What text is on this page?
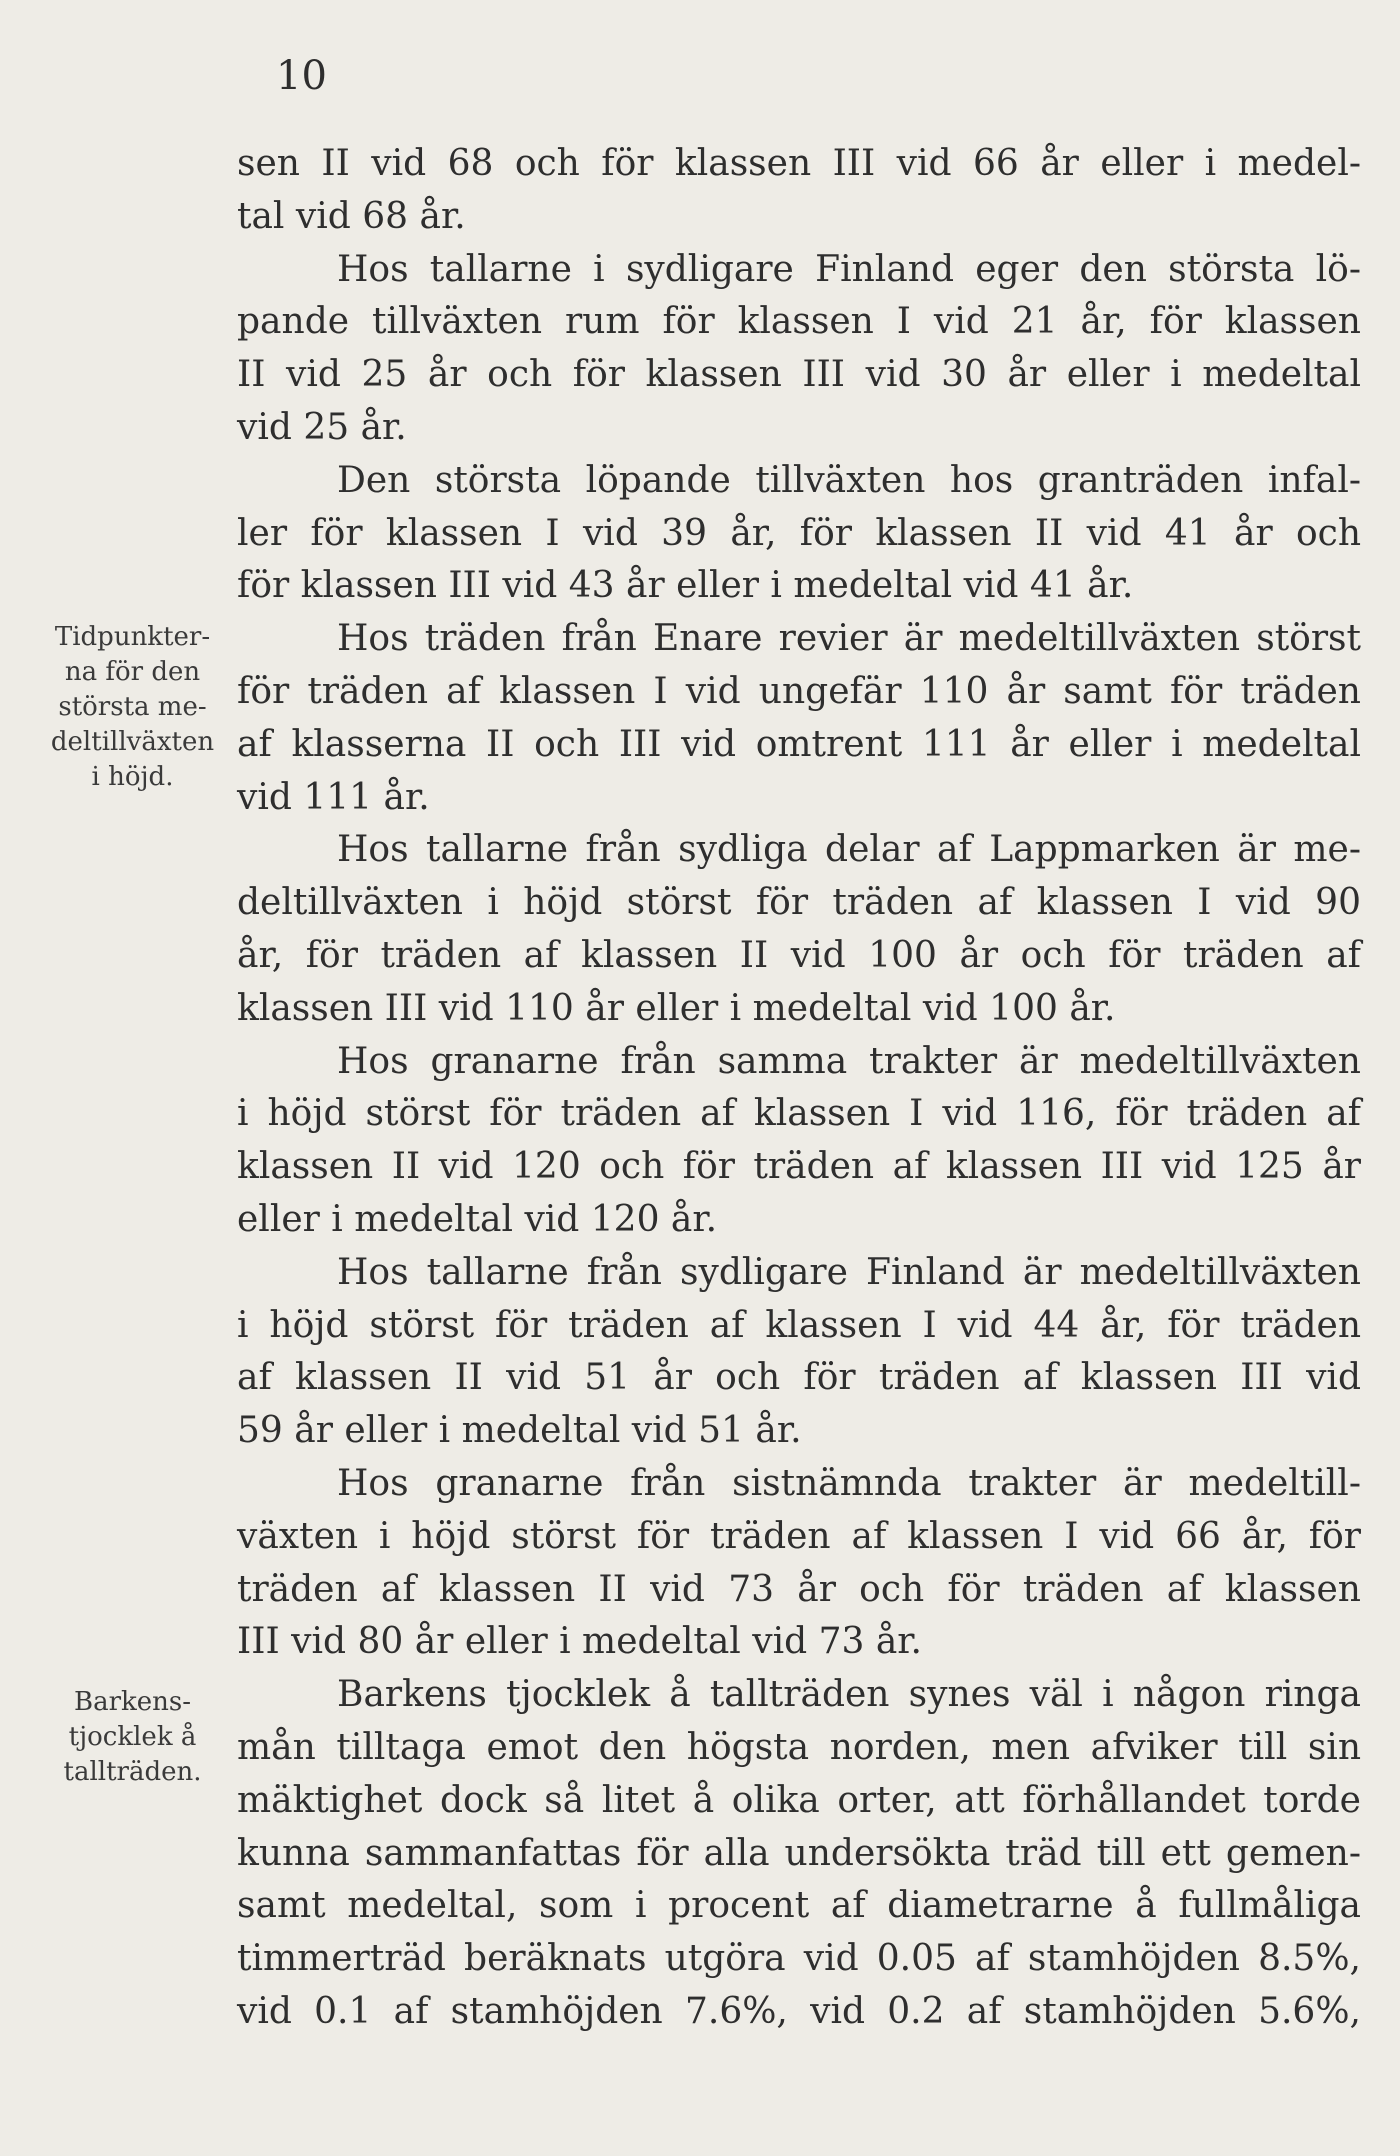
10
Tidpunkter-
na för den
största me-
deltillväxten
i höjd.
Barkens-
tjocklek å
tallträden.
sen II vid 68 och för klassen III vid 66 år eller i medel-
tal vid 68 år.
Hos tallarne i sydligare Finland eger den största lö-
pande tillväxten rum för klassen I vid 21 år, för klassen
II vid 25 år och för klassen III vid 30 år eller i medeltal
vid 25 år.
Den största löpande tillväxten hos granträden infal-
ler för klassen I vid 39 år, för klassen II vid 41 år och
för klassen III vid 43 år eller i medeltal vid 41 år.
Hos träden från Enare revier är medeltillväxten störst
för träden af klassen I vid ungefär 110 år samt för träden
af klasserna II och III vid omtrent 111 år eller i medeltal
vid 111 år.
Hos tallarne från sydliga delar af Lappmarken är me-
deltillväxten i höjd störst för träden af klassen I vid 90
år, för träden af klassen II vid 100 år och för träden af
klassen III vid 110 år eller i medeltal vid 100 år.
Hos granarne från samma trakter är medeltillväxten
i höjd störst för träden af klassen I vid 116, för träden af
klassen II vid 120 och för träden af klassen III vid 125 år
eller i medeltal vid 120 år.
Hos tallarne från sydligare Finland är medeltillväxten
i höjd störst för träden af klassen I vid 44 år, för träden
af klassen II vid 51 år och för träden af klassen III vid
59 år eller i medeltal vid 51 år.
Hos granarne från sistnämnda trakter är medeltill-
växten i höjd störst för träden af klassen I vid 66 år, för
träden af klassen II vid 73 år och för träden af klassen
III vid 80 år eller i medeltal vid 73 år.
Barkens tjocklek å tallträden synes väl i någon ringa
mån tilltaga emot den högsta norden, men afviker till sin
mäktighet dock så litet å olika orter, att förhållandet torde
kunna sammanfattas för alla undersökta träd till ett gemen-
samt medeltal, som i procent af diametrarne å fullmåliga
timmerträd beräknats utgöra vid 0.05 af stamhöjden 8.5%,
vid 0.1 af stamhöjden 7.6%, vid 0.2 af stamhöjden 5.6%,
